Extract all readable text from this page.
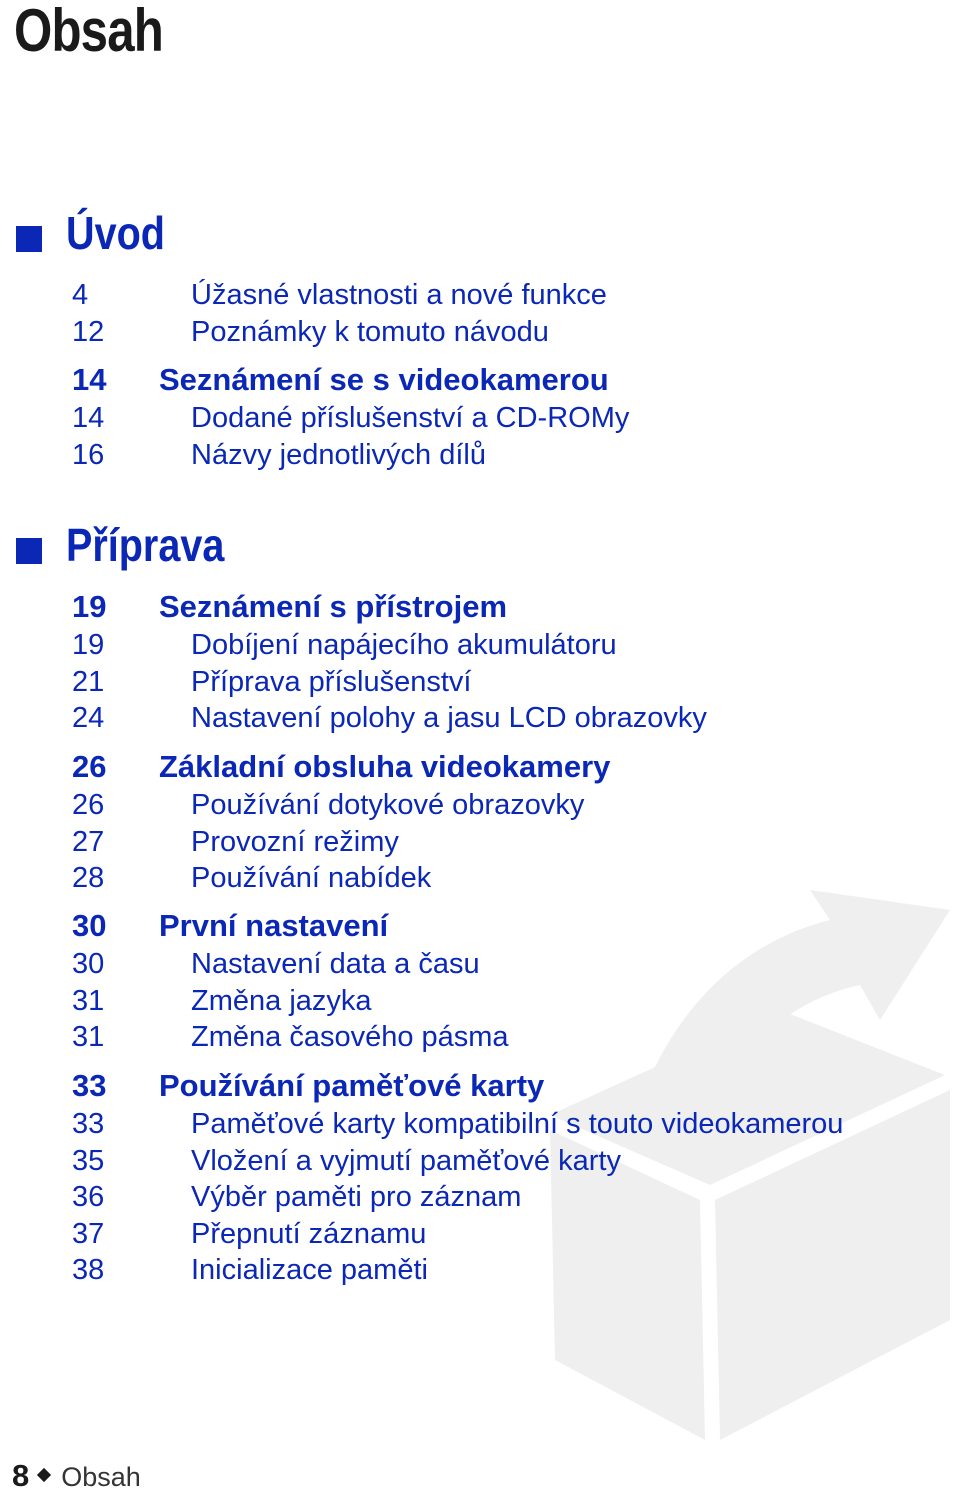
Obsah
Úvod
4	Úžasné vlastnosti a nové funkce
12	Poznámky k tomuto návodu
14 Seznámení se s videokamerou
14	Dodané příslušenství a CD-ROMy
16	Názvy jednotlivých dílů
Příprava
19 Seznámení s přístrojem
19	Dobíjení napájecího akumulátoru
21	Příprava příslušenství
24	Nastavení polohy a jasu LCD obrazovky
26 Základní obsluha videokamery
26	Používání dotykové obrazovky
27	Provozní režimy
28	Používání nabídek
30 První nastavení
30	Nastavení data a času
31	Změna jazyka
31	Změna časového pásma
33 Používání paměťové karty
33	Paměťové karty kompatibilní s touto videokamerou
35	Vložení a vyjmutí paměťové karty
36	Výběr paměti pro záznam
37	Přepnutí záznamu
38	Inicializace paměti
8 Obsah
